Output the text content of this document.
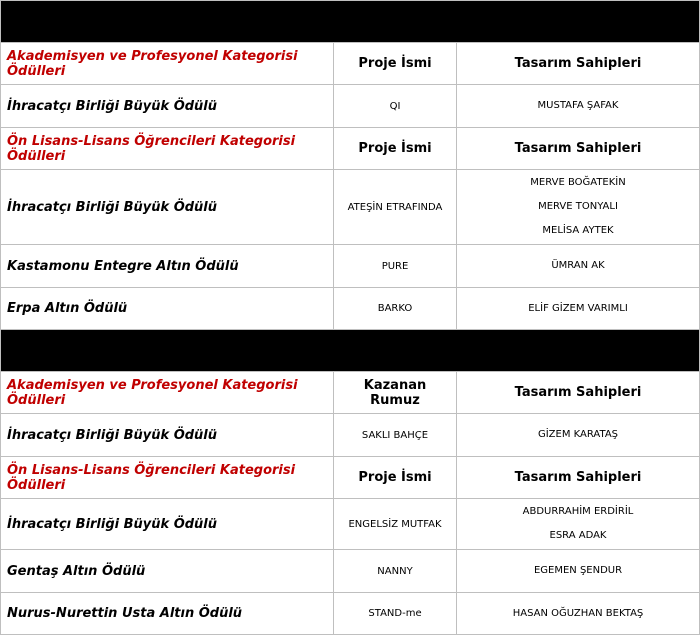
MUTFAK VE BANYO MOBİLYALARI TASARIM ÖDÜLLERİ		
Akademisyen ve Profesyonel Kategorisi Ödülleri	Proje İsmi	Tasarım Sahipleri
İhracatçı Birliği Büyük Ödülü	QI	MUSTAFA ŞAFAK

Ön Lisans-Lisans Öğrencileri Kategorisi Ödülleri	Proje İsmi	Tasarım Sahipleri
İhracatçı Birliği Büyük Ödülü	ATEŞİN ETRAFINDA	MERVE BOĞATEKİN
MERVE TONYALI
MELİSA AYTEK

Kastamonu Entegre Altın Ödülü	PURE	ÜMRAN AK

Erpa Altın Ödülü	BARKO	ELİF GİZEM VARIMLI

AKILLI MOBİLYALAR TASARIM ÖDÜLLERİ		
Akademisyen ve Profesyonel Kategorisi Ödülleri	Kazanan Rumuz	Tasarım Sahipleri
İhracatçı Birliği Büyük Ödülü	SAKLI BAHÇE	GİZEM KARATAŞ

Ön Lisans-Lisans Öğrencileri Kategorisi Ödülleri	Proje İsmi	Tasarım Sahipleri
İhracatçı Birliği Büyük Ödülü	ENGELSİZ MUTFAK	ABDURRAHİM ERDİRİL
ESRA ADAK

Gentaş Altın Ödülü	NANNY	EGEMEN ŞENDUR

Nurus-Nurettin Usta Altın Ödülü	STAND-me	HASAN OĞUZHAN BEKTAŞ
